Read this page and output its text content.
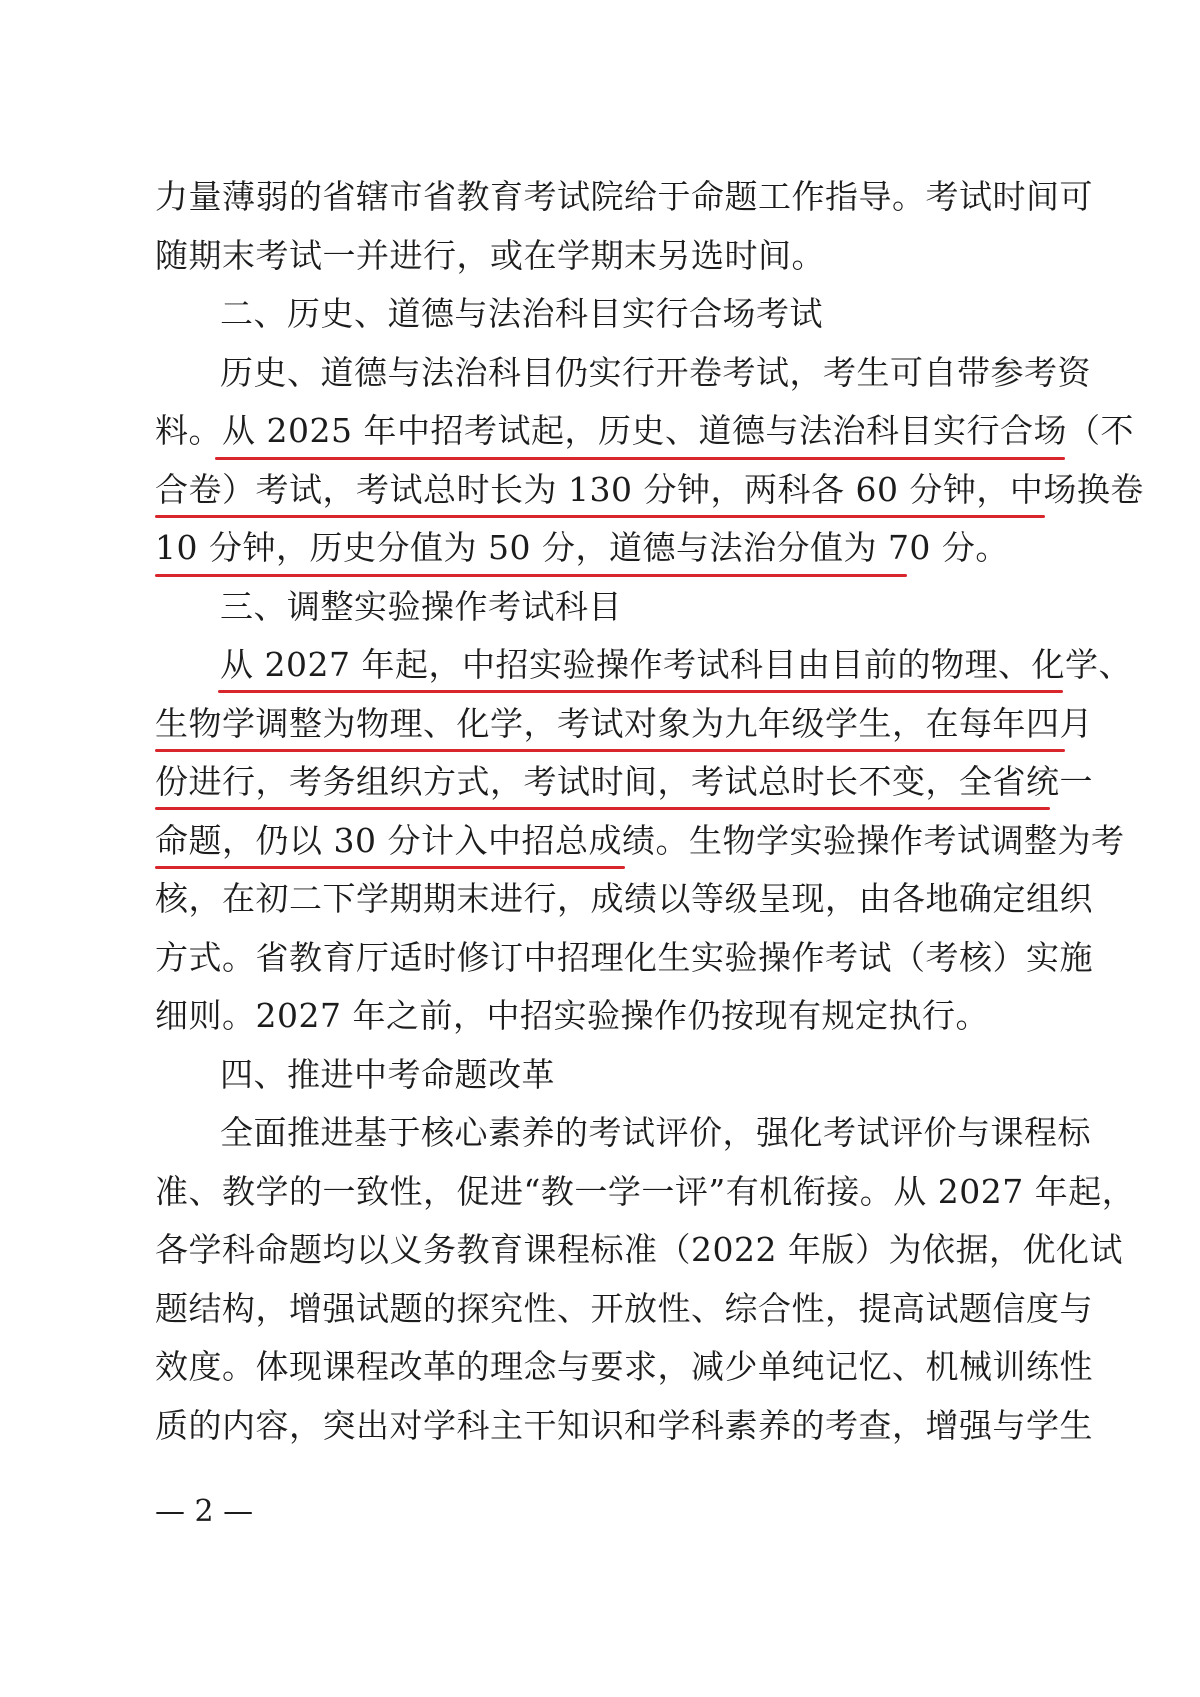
力量薄弱的省辖市省教育考试院给于命题工作指导。考试时间可
随期末考试一并进行，或在学期末另选时间。
二、历史、道德与法治科目实行合场考试
历史、道德与法治科目仍实行开卷考试，考生可自带参考资
料。从 2025 年中招考试起，历史、道德与法治科目实行合场（不
合卷）考试，考试总时长为 130 分钟，两科各 60 分钟，中场换卷
10 分钟，历史分值为 50 分，道德与法治分值为 70 分。
三、调整实验操作考试科目
从 2027 年起，中招实验操作考试科目由目前的物理、化学、
生物学调整为物理、化学，考试对象为九年级学生，在每年四月
份进行，考务组织方式，考试时间，考试总时长不变，全省统一
命题，仍以 30 分计入中招总成绩。生物学实验操作考试调整为考
核，在初二下学期期末进行，成绩以等级呈现，由各地确定组织
方式。省教育厅适时修订中招理化生实验操作考试（考核）实施
细则。2027 年之前，中招实验操作仍按现有规定执行。
四、推进中考命题改革
全面推进基于核心素养的考试评价，强化考试评价与课程标
准、教学的一致性，促进“教一学一评”有机衔接。从 2027 年起，
各学科命题均以义务教育课程标准（2022 年版）为依据，优化试
题结构，增强试题的探究性、开放性、综合性，提高试题信度与
效度。体现课程改革的理念与要求，减少单纯记忆、机械训练性
质的内容，突出对学科主干知识和学科素养的考查，增强与学生
— 2 —
